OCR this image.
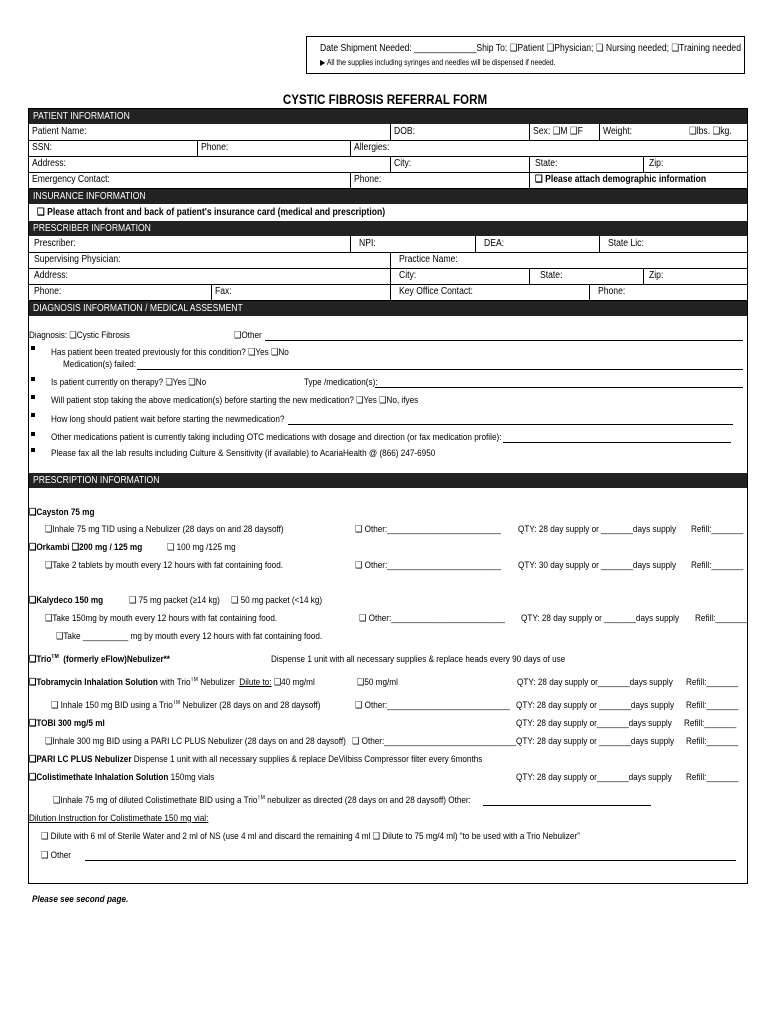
Date Shipment Needed: _____________Ship To: ❑Patient ❑Physician; ❑ Nursing needed; ❑Training needed
▶ All the supplies including syringes and needles will be dispensed if needed.
CYSTIC FIBROSIS REFERRAL FORM
PATIENT INFORMATION
Patient Name:	DOB:	Sex: ❑M ❑F Weight:	❑lbs. ❑kg.
SSN:	Phone:	Allergies:
Address:	City:	State:	Zip:
Emergency Contact:	Phone:	❑ Please attach demographic information
INSURANCE INFORMATION
❑ Please attach front and back of patient's insurance card (medical and prescription)
PRESCRIBER INFORMATION
Prescriber:	NPI:	DEA:	State Lic:
Supervising Physician:	Practice Name:
Address:	City:	State:	Zip:
Phone:	Fax:	Key Office Contact:	Phone:
DIAGNOSIS INFORMATION / MEDICAL ASSESMENT
Diagnosis: ❑Cystic Fibrosis	❑Other
Has patient been treated previously for this condition? ❑Yes ❑No
Medication(s) failed:
Is patient currently on therapy? ❑Yes ❑No	Type /medication(s):
Will patient stop taking the above medication(s) before starting the new medication? ❑Yes ❑No, ifyes
How long should patient wait before starting the newmedication?
Other medications patient is currently taking including OTC medications with dosage and direction (or fax medication profile):
Please fax all the lab results including Culture & Sensitivity (if available) to AcariaHealth @ (866) 247-6950
PRESCRIPTION INFORMATION
❑Cayston 75 mg
❑Inhale 75 mg TID using a Nebulizer (28 days on and 28 daysoff)	❑ Other:_________________________ QTY: 28 day supply or _______days supply Refill:_______
❑Orkambi ❑200 mg / 125 mg	❑ 100 mg /125 mg
❑Take 2 tablets by mouth every 12 hours with fat containing food.	❑ Other:_________________________ QTY: 30 day supply or _______days supply Refill:_______
❑Kalydeco 150 mg	❑ 75 mg packet (≥14 kg) ❑ 50 mg packet (<14 kg)
❑Take 150mg by mouth every 12 hours with fat containing food.	❑ Other:_________________________ QTY: 28 day supply or _______days supply Refill:_______
❑Take __________ mg by mouth every 12 hours with fat containing food.
❑Trio™ (formerly eFlow)Nebulizer**	Dispense 1 unit with all necessary supplies & replace heads every 90 days of use
❑Tobramycin Inhalation Solution with Trio™ Nebulizer Dilute to: ❑40 mg/ml	❑50 mg/ml	QTY: 28 day supply or_______days supply Refill:_______
❑ Inhale 150 mg BID using a Trio™ Nebulizer (28 days on and 28 daysoff)	❑ Other:___________________________ QTY: 28 day supply or _______days supply Refill:_______
❑TOBI 300 mg/5 ml	QTY: 28 day supply or_______days supply Refill:_______
❑Inhale 300 mg BID using a PARI LC PLUS Nebulizer (28 days on and 28 daysoff) ❑ Other:_____________________________ QTY: 28 day supply or _______days supply Refill:_______
❑PARI LC PLUS Nebulizer Dispense 1 unit with all necessary supplies & replace DeVilbiss Compressor filter every 6months
❑Colistimethate Inhalation Solution 150mg vials	QTY: 28 day supply or_______days supply Refill:_______
❑Inhale 75 mg of diluted Colistimethate BID using a Trio™ nebulizer as directed (28 days on and 28 daysoff) Other:
Dilution Instruction for Colistimethate 150 mg vial:
❑ Dilute with 6 ml of Sterile Water and 2 ml of NS (use 4 ml and discard the remaining 4 ml ❑ Dilute to 75 mg/4 ml) “to be used with a Trio Nebulizer”
❑ Other
Please see second page.
